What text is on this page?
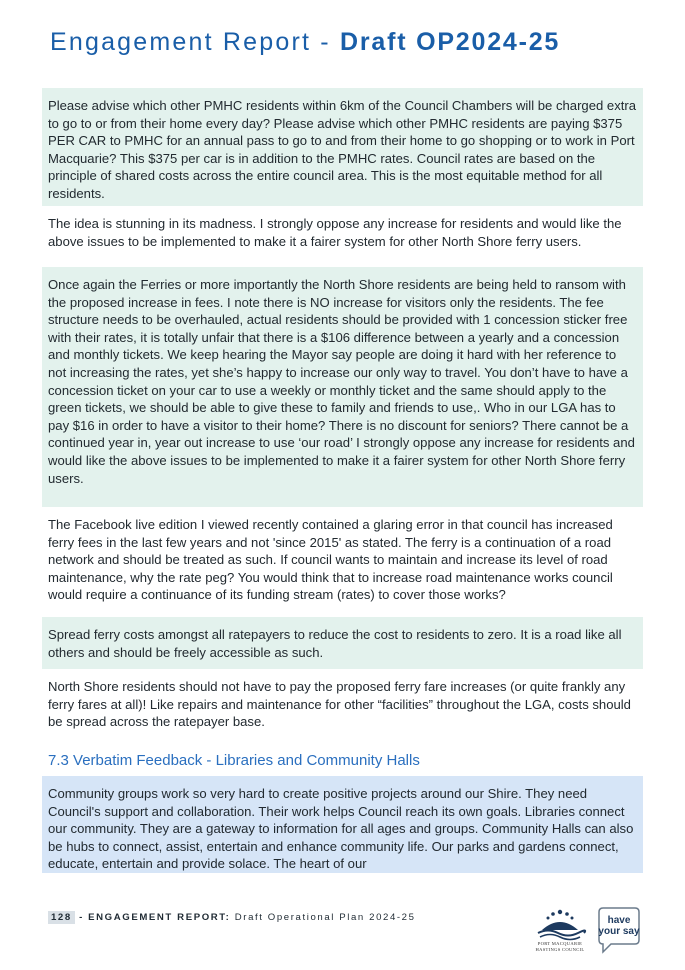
Engagement Report - Draft OP2024-25
Please advise which other PMHC residents within 6km of the Council Chambers will be charged extra to go to or from their home every day? Please advise which other PMHC residents are paying $375 PER CAR to PMHC for an annual pass to go to and from their home to go shopping or to work in Port Macquarie? This $375 per car is in addition to the PMHC rates. Council rates are based on the principle of shared costs across the entire council area. This is the most equitable method for all residents.
The idea is stunning in its madness. I strongly oppose any increase for residents and would like the above issues to be implemented to make it a fairer system for other North Shore ferry users.
Once again the Ferries or more importantly the North Shore residents are being held to ransom with the proposed increase in fees. I note there is NO increase for visitors only the residents. The fee structure needs to be overhauled, actual residents should be provided with 1 concession sticker free with their rates, it is totally unfair that there is a $106 difference between a yearly and a concession and monthly tickets. We keep hearing the Mayor say people are doing it hard with her reference to not increasing the rates, yet she’s happy to increase our only way to travel. You don’t have to have a concession ticket on your car to use a weekly or monthly ticket and the same should apply to the green tickets, we should be able to give these to family and friends to use,. Who in our LGA has to pay $16 in order to have a visitor to their home? There is no discount for seniors? There cannot be a continued year in, year out increase to use ‘our road’ I strongly oppose any increase for residents and would like the above issues to be implemented to make it a fairer system for other North Shore ferry users.
The Facebook live edition I viewed recently contained a glaring error in that council has increased ferry fees in the last few years and not 'since 2015' as stated. The ferry is a continuation of a road network and should be treated as such. If council wants to maintain and increase its level of road maintenance, why the rate peg? You would think that to increase road maintenance works council would require a continuance of its funding stream (rates) to cover those works?
Spread ferry costs amongst all ratepayers to reduce the cost to residents to zero. It is a road like all others and should be freely accessible as such.
North Shore residents should not have to pay the proposed ferry fare increases (or quite frankly any ferry fares at all)! Like repairs and maintenance for other “facilities” throughout the LGA, costs should be spread across the ratepayer base.
7.3 Verbatim Feedback - Libraries and Community Halls
Community groups work so very hard to create positive projects around our Shire. They need Council's support and collaboration. Their work helps Council reach its own goals. Libraries connect our community. They are a gateway to information for all ages and groups. Community Halls can also be hubs to connect, assist, entertain and enhance community life. Our parks and gardens connect, educate, entertain and provide solace. The heart of our
128 - ENGAGEMENT REPORT: Draft Operational Plan 2024-25
PORT MACQUARIE
HASTINGS COUNCIL
have
your say
